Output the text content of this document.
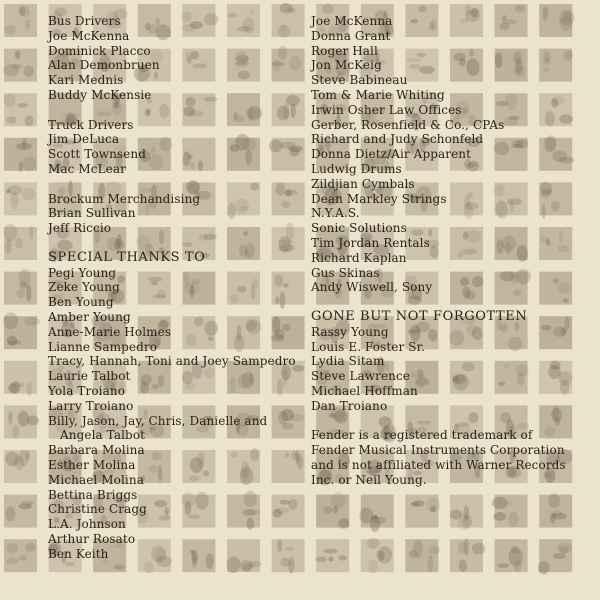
Bus Drivers
Joe McKenna
Dominick Placco
Alan Demonbruen
Kari Mednis
Buddy McKensie
Truck Drivers
Jim DeLuca
Scott Townsend
Mac McLear
Brockum Merchandising
Brian Sullivan
Jeff Riccio
SPECIAL THANKS TO
Pegi Young
Zeke Young
Ben Young
Amber Young
Anne-Marie Holmes
Lianne Sampedro
Tracy, Hannah, Toni and Joey Sampedro
Laurie Talbot
Yola Troiano
Larry Troiano
Billy, Jason, Jay, Chris, Danielle and
Angela Talbot
Barbara Molina
Esther Molina
Michael Molina
Bettina Briggs
Christine Cragg
L.A. Johnson
Arthur Rosato
Ben Keith
Joe McKenna
Donna Grant
Roger Hall
Jon McKeig
Steve Babineau
Tom & Marie Whiting
Irwin Osher Law Offices
Gerber, Rosenfield & Co., CPAs
Richard and Judy Schonfeld
Donna Dietz/Air Apparent
Ludwig Drums
Zildjian Cymbals
Dean Markley Strings
N.Y.A.S.
Sonic Solutions
Tim Jordan Rentals
Richard Kaplan
Gus Skinas
Andy Wiswell, Sony
GONE BUT NOT FORGOTTEN
Rassy Young
Louis E. Foster Sr.
Lydia Sitam
Steve Lawrence
Michael Hoffman
Dan Troiano
Fender is a registered trademark of
Fender Musical Instruments Corporation
and is not affiliated with Warner Records
Inc. or Neil Young.
